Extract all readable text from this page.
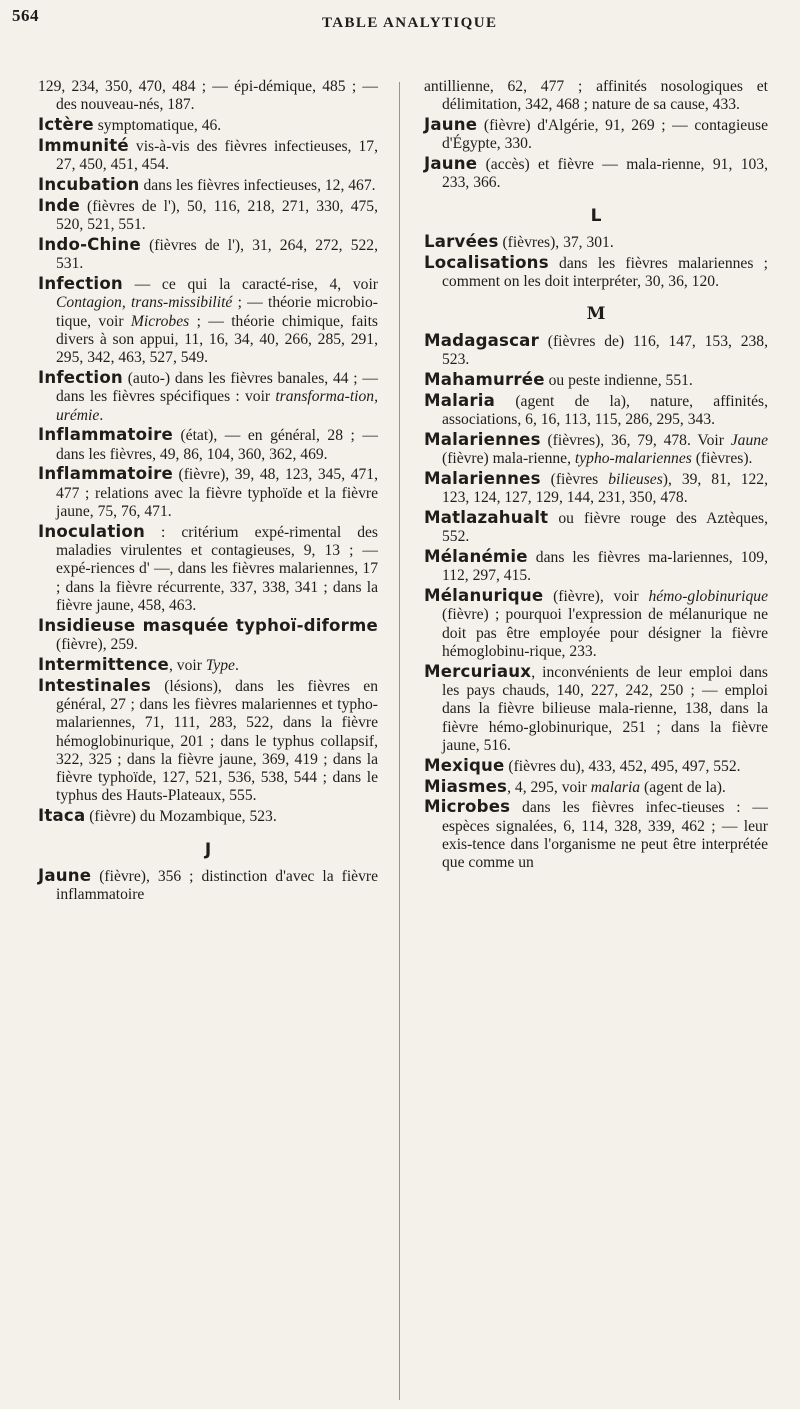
564	TABLE ANALYTIQUE

129, 234, 350, 470, 484 ; — épi-démique, 485 ; — des nouveau-nés, 187.

Ictère symptomatique, 46.

Immunité vis-à-vis des fièvres infectieuses, 17, 27, 450, 451, 454.

Incubation dans les fièvres infectieuses, 12, 467.

Inde (fièvres de l'), 50, 116, 218, 271, 330, 475, 520, 521, 551.

Indo-Chine (fièvres de l'), 31, 264, 272, 522, 531.

Infection — ce qui la caracté-rise, 4, voir Contagion, trans-missibilité ; — théorie microbio-tique, voir Microbes ; — théorie chimique, faits divers à son appui, 11, 16, 34, 40, 266, 285, 291, 295, 342, 463, 527, 549.

Infection (auto-) dans les fièvres banales, 44 ; — dans les fièvres spécifiques : voir transforma-tion, urémie.

Inflammatoire (état), — en général, 28 ; — dans les fièvres, 49, 86, 104, 360, 362, 469.

Inflammatoire (fièvre), 39, 48, 123, 345, 471, 477 ; relations avec la fièvre typhoïde et la fièvre jaune, 75, 76, 471.

Inoculation : critérium expé-rimental des maladies virulentes et contagieuses, 9, 13 ; — expé-riences d' —, dans les fièvres malariennes, 17 ; dans la fièvre récurrente, 337, 338, 341 ; dans la fièvre jaune, 458, 463.

Insidieuse masquée typhoï-diforme (fièvre), 259.

Intermittence, voir Type.

Intestinales (lésions), dans les fièvres en général, 27 ; dans les fièvres malariennes et typho-malariennes, 71, 111, 283, 522, dans la fièvre hémoglobinurique, 201 ; dans le typhus collapsif, 322, 325 ; dans la fièvre jaune, 369, 419 ; dans la fièvre typhoïde, 127, 521, 536, 538, 544 ; dans le typhus des Hauts-Plateaux, 555.

Itaca (fièvre) du Mozambique, 523.

J

Jaune (fièvre), 356 ; distinction d'avec la fièvre inflammatoire

antillienne, 62, 477 ; affinités nosologiques et délimitation, 342, 468 ; nature de sa cause, 433.

Jaune (fièvre) d'Algérie, 91, 269 ; — contagieuse d'Égypte, 330.

Jaune (accès) et fièvre — mala-rienne, 91, 103, 233, 366.

L

Larvées (fièvres), 37, 301.

Localisations dans les fièvres malariennes ; comment on les doit interpréter, 30, 36, 120.

M

Madagascar (fièvres de) 116, 147, 153, 238, 523.

Mahamurrée ou peste indienne, 551.

Malaria (agent de la), nature, affinités, associations, 6, 16, 113, 115, 286, 295, 343.

Malariennes (fièvres), 36, 79, 478. Voir Jaune (fièvre) mala-rienne, typho-malariennes (fièvres).

Malariennes (fièvres bilieuses), 39, 81, 122, 123, 124, 127, 129, 144, 231, 350, 478.

Matlazahualt ou fièvre rouge des Aztèques, 552.

Mélanémie dans les fièvres ma-lariennes, 109, 112, 297, 415.

Mélanurique (fièvre), voir hémo-globinurique (fièvre) ; pourquoi l'expression de mélanurique ne doit pas être employée pour désigner la fièvre hémoglobinu-rique, 233.

Mercuriaux, inconvénients de leur emploi dans les pays chauds, 140, 227, 242, 250 ; — emploi dans la fièvre bilieuse mala-rienne, 138, dans la fièvre hémo-globinurique, 251 ; dans la fièvre jaune, 516.

Mexique (fièvres du), 433, 452, 495, 497, 552.

Miasmes, 4, 295, voir malaria (agent de la).

Microbes dans les fièvres infec-tieuses : — espèces signalées, 6, 114, 328, 339, 462 ; — leur exis-tence dans l'organisme ne peut être interprétée que comme un
